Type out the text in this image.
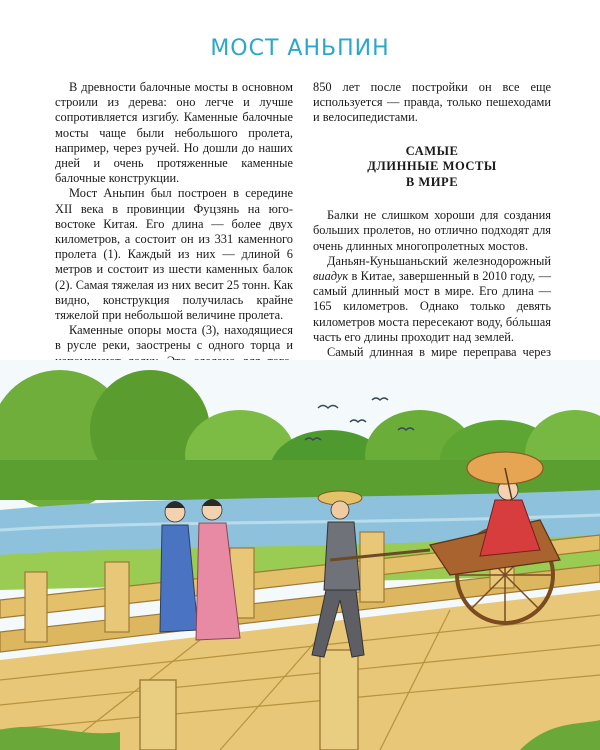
МОСТ АНЬПИН

В древности балочные мосты в основном строили из дерева: оно легче и лучше сопротивляется изгибу. Каменные балочные мосты чаще были небольшого пролета, например, через ручей. Но дошли до наших дней и очень протяженные каменные балочные конструкции.

Мост Аньпин был построен в середине XII века в провинции Фуцзянь на юго-востоке Китая. Его длина — более двух километров, а состоит он из 331 каменного пролета (1). Каждый из них — длиной 6 метров и состоит из шести каменных балок (2). Самая тяжелая из них весит 25 тонн. Как видно, конструкция получилась крайне тяжелой при небольшой величине пролета.

Каменные опоры моста (3), находящиеся в русле реки, заострены с одного торца и

850 лет после постройки он все еще используется — правда, только пешеходами и велосипедистами.

САМЫЕ
ДЛИННЫЕ МОСТЫ
В МИРЕ

Балки не слишком хороши для создания больших пролетов, но отлично подходят для очень длинных многопролетных мостов.

Даньян-Куньшаньский железнодорожный виадук в Китае, завершенный в 2010 году, — самый длинный мост в мире. Его длина — 165 километров. Однако только девять километров моста пересекают воду, бóльшая часть его длины проходит над землей.

Самый длинная в мире переправа через
